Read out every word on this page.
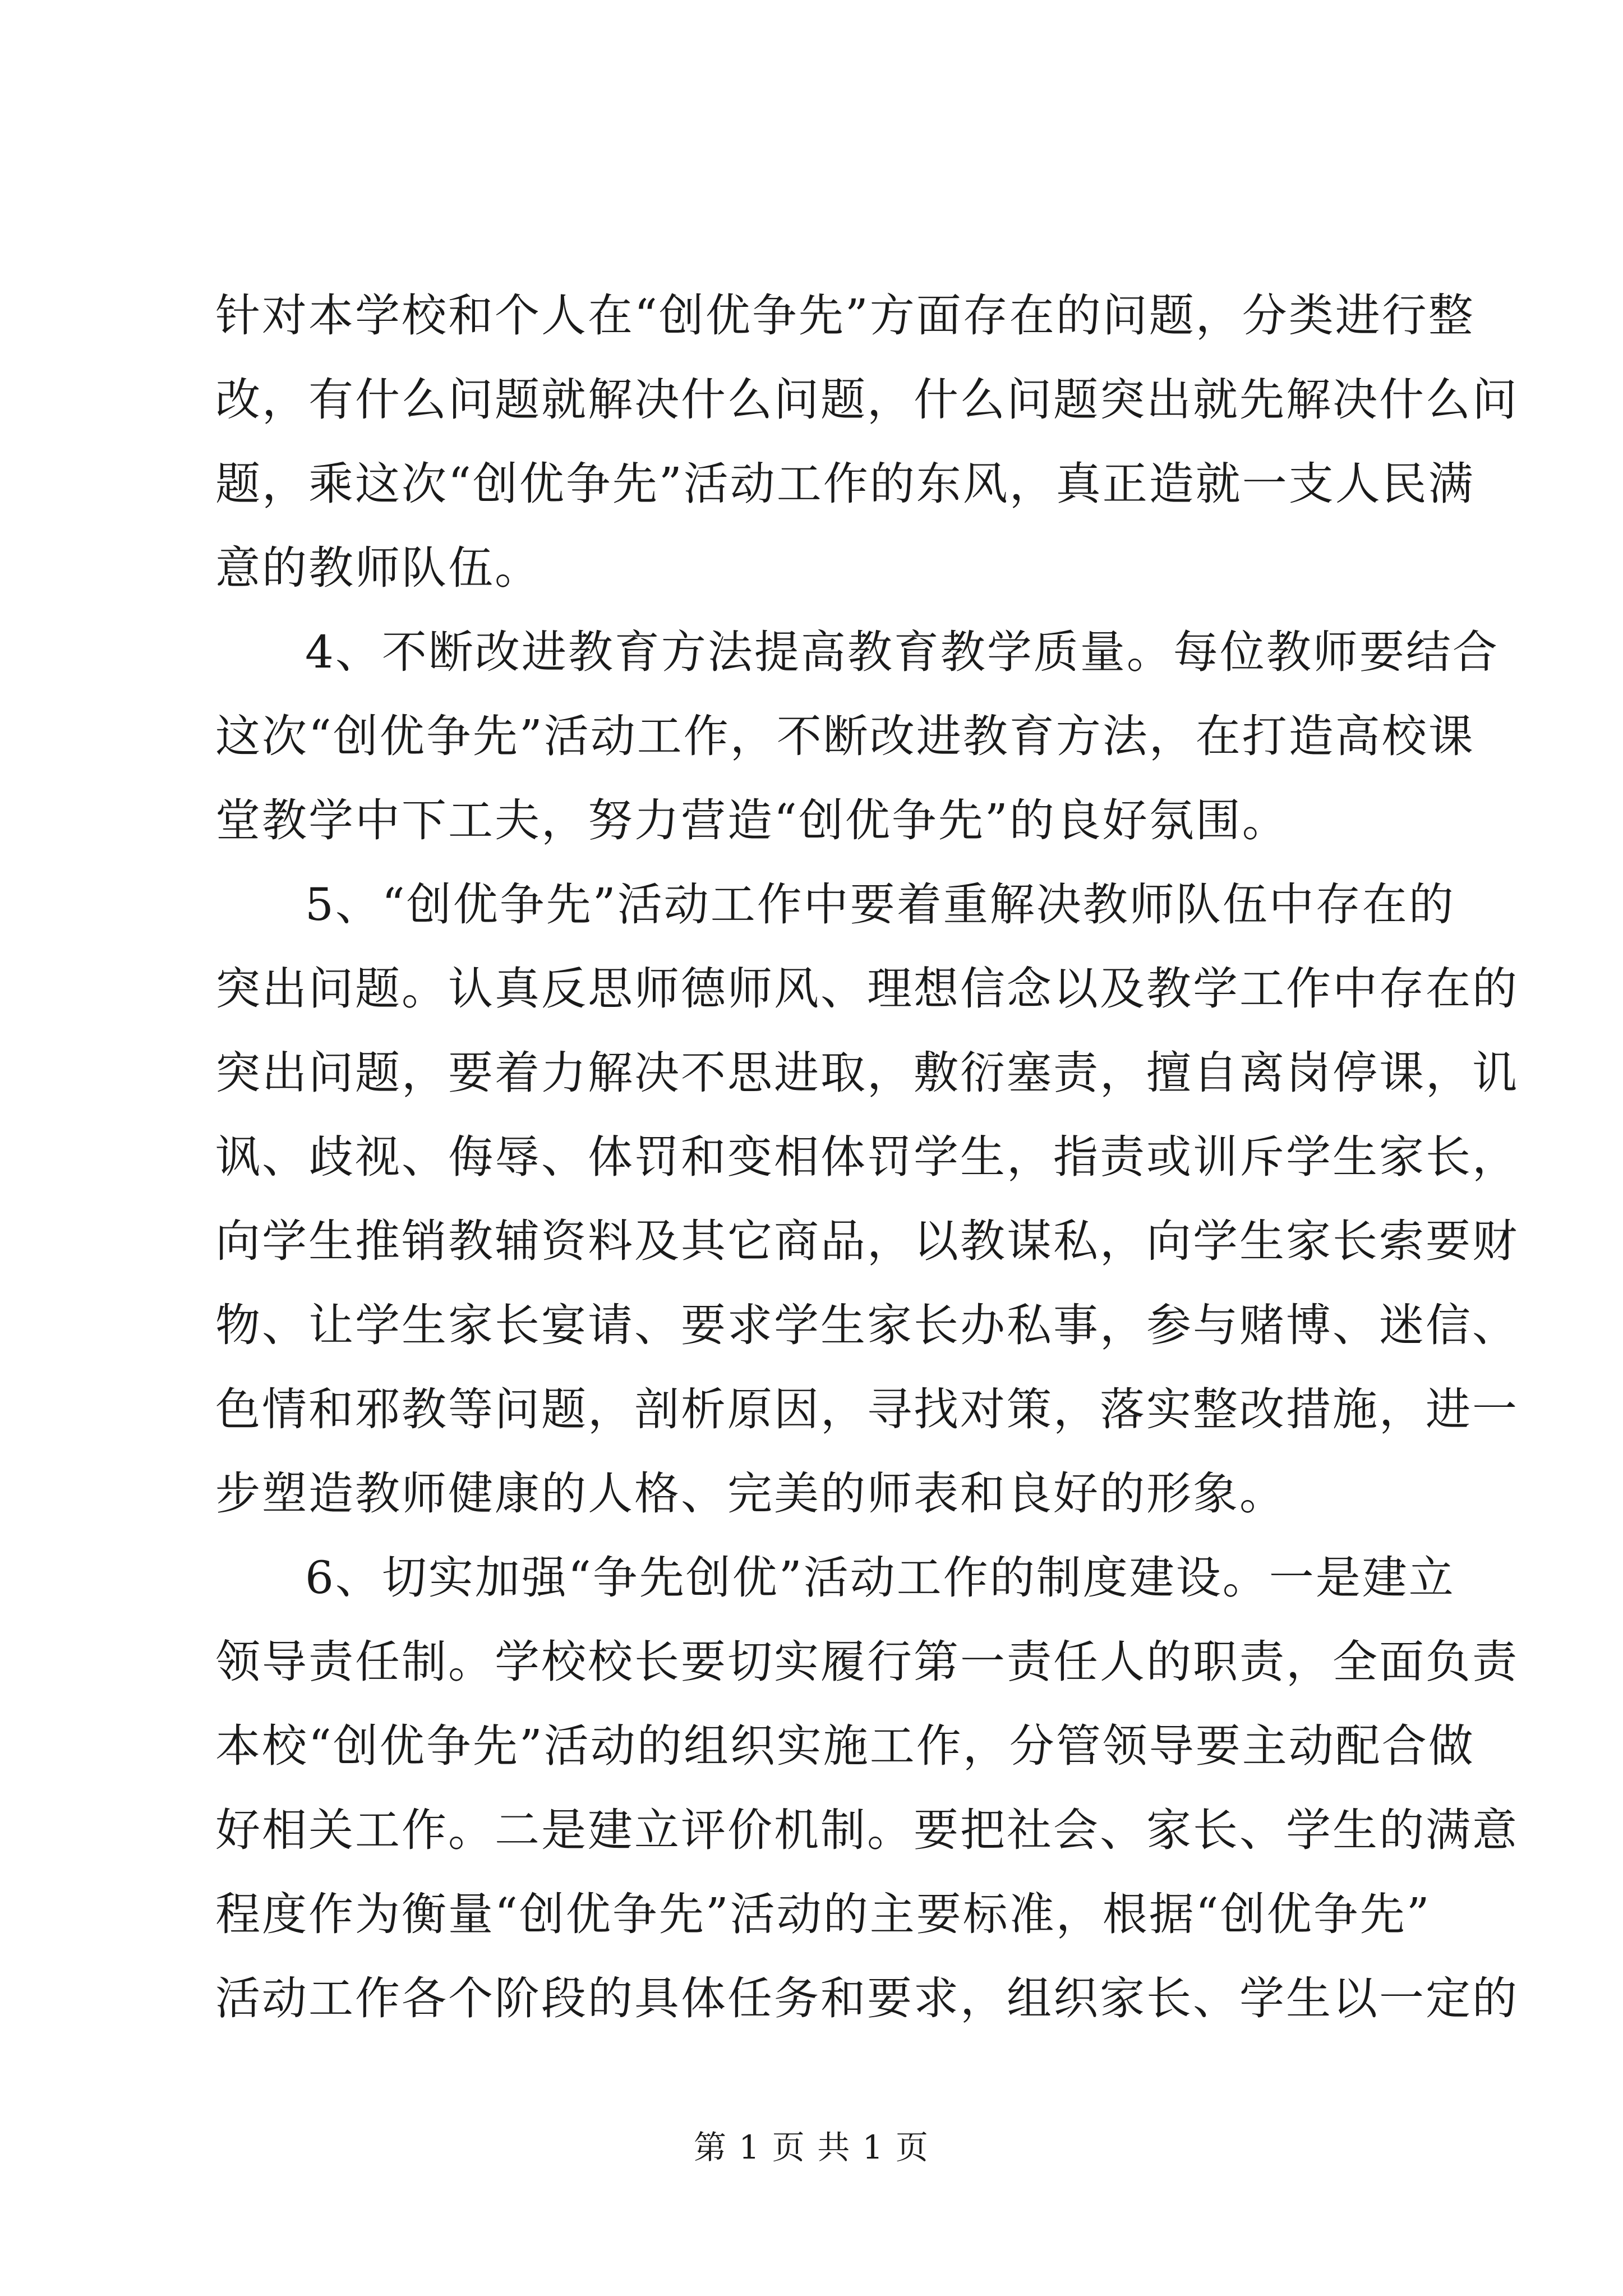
针对本学校和个人在“创优争先”方面存在的问题，分类进行整
改，有什么问题就解决什么问题，什么问题突出就先解决什么问
题，乘这次“创优争先”活动工作的东风，真正造就一支人民满
意的教师队伍。
4、不断改进教育方法提高教育教学质量。每位教师要结合
这次“创优争先”活动工作，不断改进教育方法，在打造高校课
堂教学中下工夫，努力营造“创优争先”的良好氛围。
5、“创优争先”活动工作中要着重解决教师队伍中存在的
突出问题。认真反思师德师风、理想信念以及教学工作中存在的
突出问题，要着力解决不思进取，敷衍塞责，擅自离岗停课，讥
讽、歧视、侮辱、体罚和变相体罚学生，指责或训斥学生家长，
向学生推销教辅资料及其它商品，以教谋私，向学生家长索要财
物、让学生家长宴请、要求学生家长办私事，参与赌博、迷信、
色情和邪教等问题，剖析原因，寻找对策，落实整改措施，进一
步塑造教师健康的人格、完美的师表和良好的形象。
6、切实加强“争先创优”活动工作的制度建设。一是建立
领导责任制。学校校长要切实履行第一责任人的职责，全面负责
本校“创优争先”活动的组织实施工作，分管领导要主动配合做
好相关工作。二是建立评价机制。要把社会、家长、学生的满意
程度作为衡量“创优争先”活动的主要标准，根据“创优争先”
活动工作各个阶段的具体任务和要求，组织家长、学生以一定的
第 1 页 共 1 页
